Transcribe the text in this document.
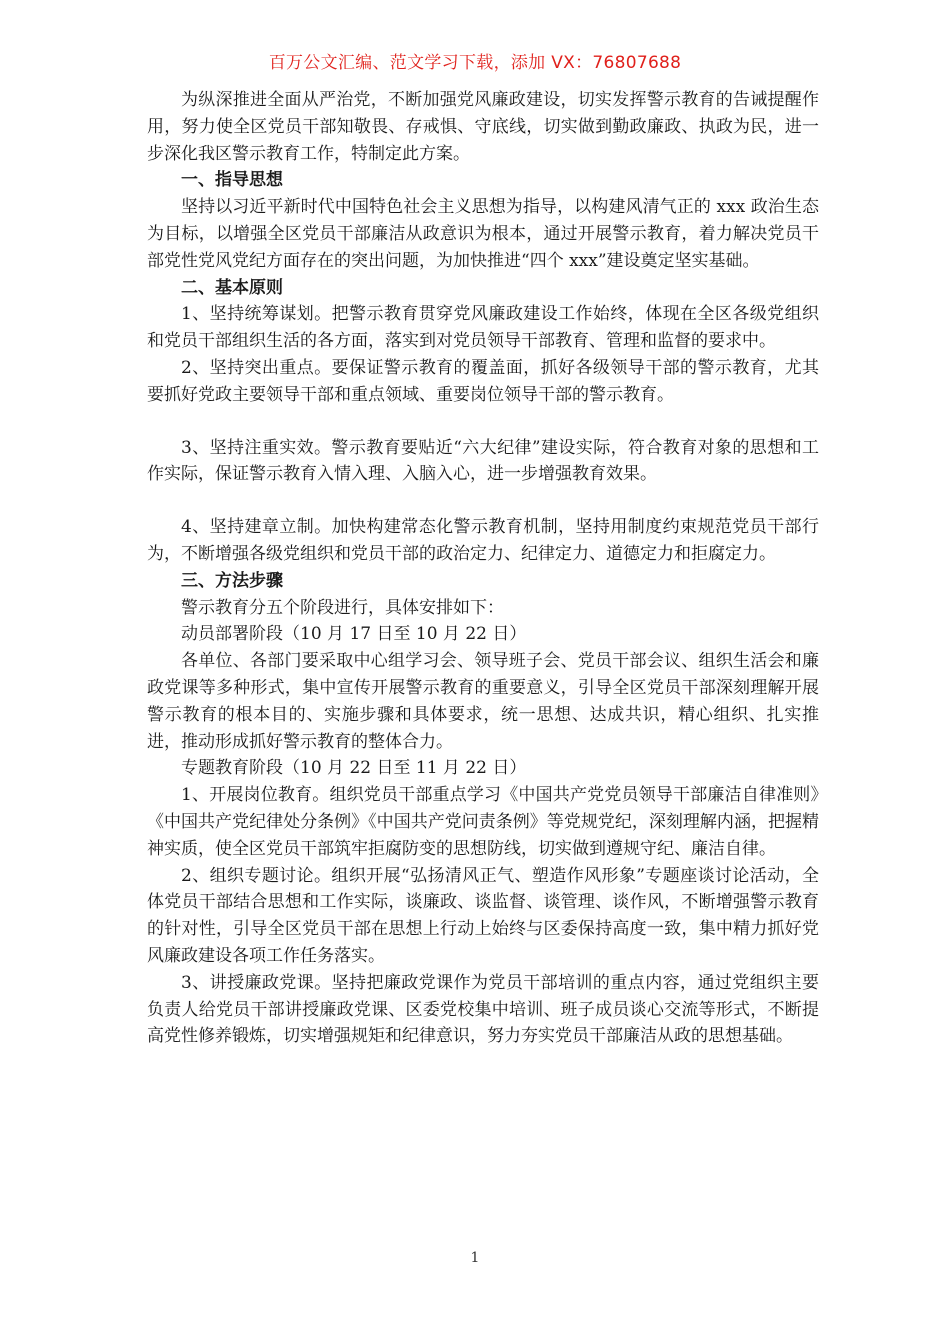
百万公文汇编、范文学习下载，添加 VX：76807688

为纵深推进全面从严治党，不断加强党风廉政建设，切实发挥警示教育的告诫提醒作用，努力使全区党员干部知敬畏、存戒惧、守底线，切实做到勤政廉政、执政为民，进一步深化我区警示教育工作，特制定此方案。

一、指导思想

坚持以习近平新时代中国特色社会主义思想为指导，以构建风清气正的 xxx 政治生态为目标，以增强全区党员干部廉洁从政意识为根本，通过开展警示教育，着力解决党员干部党性党风党纪方面存在的突出问题，为加快推进“四个 xxx”建设奠定坚实基础。

二、基本原则

1、坚持统筹谋划。把警示教育贯穿党风廉政建设工作始终，体现在全区各级党组织和党员干部组织生活的各方面，落实到对党员领导干部教育、管理和监督的要求中。

2、坚持突出重点。要保证警示教育的覆盖面，抓好各级领导干部的警示教育，尤其要抓好党政主要领导干部和重点领域、重要岗位领导干部的警示教育。

3、坚持注重实效。警示教育要贴近“六大纪律”建设实际，符合教育对象的思想和工作实际，保证警示教育入情入理、入脑入心，进一步增强教育效果。

4、坚持建章立制。加快构建常态化警示教育机制，坚持用制度约束规范党员干部行为，不断增强各级党组织和党员干部的政治定力、纪律定力、道德定力和拒腐定力。

三、方法步骤

警示教育分五个阶段进行，具体安排如下：

动员部署阶段（10 月 17 日至 10 月 22 日）

各单位、各部门要采取中心组学习会、领导班子会、党员干部会议、组织生活会和廉政党课等多种形式，集中宣传开展警示教育的重要意义，引导全区党员干部深刻理解开展警示教育的根本目的、实施步骤和具体要求，统一思想、达成共识，精心组织、扎实推进，推动形成抓好警示教育的整体合力。

专题教育阶段（10 月 22 日至 11 月 22 日）

1、开展岗位教育。组织党员干部重点学习《中国共产党党员领导干部廉洁自律准则》《中国共产党纪律处分条例》《中国共产党问责条例》等党规党纪，深刻理解内涵，把握精神实质，使全区党员干部筑牢拒腐防变的思想防线，切实做到遵规守纪、廉洁自律。

2、组织专题讨论。组织开展“弘扬清风正气、塑造作风形象”专题座谈讨论活动，全体党员干部结合思想和工作实际，谈廉政、谈监督、谈管理、谈作风，不断增强警示教育的针对性，引导全区党员干部在思想上行动上始终与区委保持高度一致，集中精力抓好党风廉政建设各项工作任务落实。

3、讲授廉政党课。坚持把廉政党课作为党员干部培训的重点内容，通过党组织主要负责人给党员干部讲授廉政党课、区委党校集中培训、班子成员谈心交流等形式，不断提高党性修养锻炼，切实增强规矩和纪律意识，努力夯实党员干部廉洁从政的思想基础。

1
